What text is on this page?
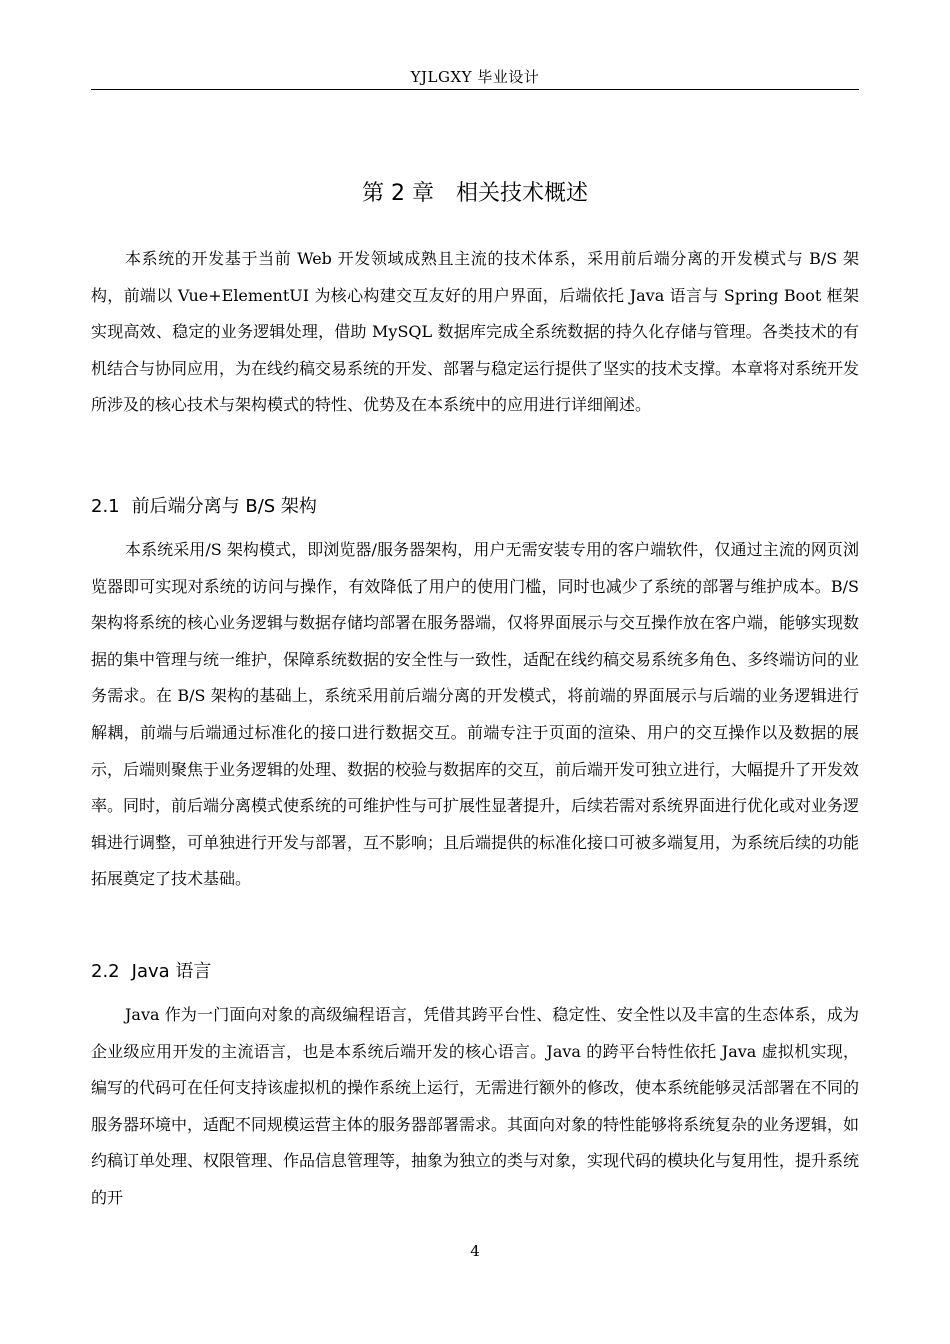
YJLGXY 毕业设计
第 2 章 相关技术概述

本系统的开发基于当前 Web 开发领域成熟且主流的技术体系，采用前后端分离的开发模式与 B/S 架构，前端以 Vue+ElementUI 为核心构建交互友好的用户界面，后端依托 Java 语言与 Spring Boot 框架实现高效、稳定的业务逻辑处理，借助 MySQL 数据库完成全系统数据的持久化存储与管理。各类技术的有机结合与协同应用，为在线约稿交易系统的开发、部署与稳定运行提供了坚实的技术支撑。本章将对系统开发所涉及的核心技术与架构模式的特性、优势及在本系统中的应用进行详细阐述。

2.1 前后端分离与 B/S 架构

本系统采用/S 架构模式，即浏览器/服务器架构，用户无需安装专用的客户端软件，仅通过主流的网页浏览器即可实现对系统的访问与操作，有效降低了用户的使用门槛，同时也减少了系统的部署与维护成本。B/S 架构将系统的核心业务逻辑与数据存储均部署在服务器端，仅将界面展示与交互操作放在客户端，能够实现数据的集中管理与统一维护，保障系统数据的安全性与一致性，适配在线约稿交易系统多角色、多终端访问的业务需求。在 B/S 架构的基础上，系统采用前后端分离的开发模式，将前端的界面展示与后端的业务逻辑进行解耦，前端与后端通过标准化的接口进行数据交互。前端专注于页面的渲染、用户的交互操作以及数据的展示，后端则聚焦于业务逻辑的处理、数据的校验与数据库的交互，前后端开发可独立进行，大幅提升了开发效率。同时，前后端分离模式使系统的可维护性与可扩展性显著提升，后续若需对系统界面进行优化或对业务逻辑进行调整，可单独进行开发与部署，互不影响；且后端提供的标准化接口可被多端复用，为系统后续的功能拓展奠定了技术基础。

2.2 Java 语言

Java 作为一门面向对象的高级编程语言，凭借其跨平台性、稳定性、安全性以及丰富的生态体系，成为企业级应用开发的主流语言，也是本系统后端开发的核心语言。Java 的跨平台特性依托 Java 虚拟机实现，编写的代码可在任何支持该虚拟机的操作系统上运行，无需进行额外的修改，使本系统能够灵活部署在不同的服务器环境中，适配不同规模运营主体的服务器部署需求。其面向对象的特性能够将系统复杂的业务逻辑，如约稿订单处理、权限管理、作品信息管理等，抽象为独立的类与对象，实现代码的模块化与复用性，提升系统的开

4
